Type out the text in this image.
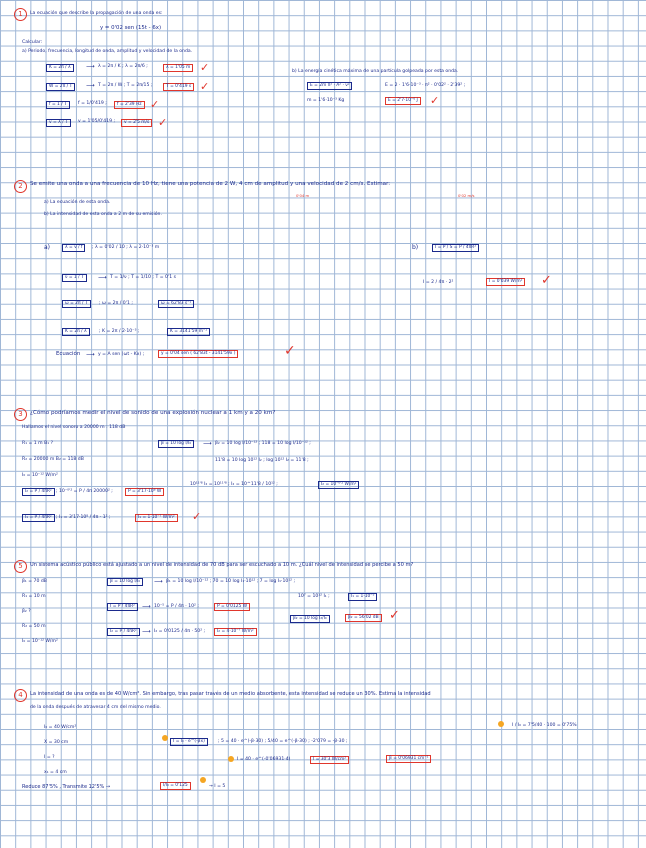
1	La ecuación que describe la propagación de una onda es:
y = 0'02 sen (15t - 6x)
Calcular:
a) Periodo, frecuencia, longitud de onda, amplitud y velocidad de la onda.
b) La energía cinética máxima de una partícula golpeada por esta onda.
K = 2π / λ	⟶ λ = 2π / K ; λ = 2π/6 ;	λ = 1'05 m ✓
W = 2π / T	⟶ T = 2π / W ; T = 2π/15 ;	T = 0'419 s ✓
f = 1 / T	f = 1/0'419 ;	f = 2'39 Hz ✓
v = λ / T	v = 1'05/0'419 ;	v = 2'5 m/s ✓
E = 2m π² · A² · ν²	E = 2 · 1'6·10⁻³ · π² · 0'02² · 2'39² ;
m = 1'6·10⁻³ Kg	E = 2'7·10⁻⁶ J ✓
2	Se emite una onda a una frecuencia de 10 Hz, tiene una potencia de 2 W, 4 cm de amplitud y una velocidad de 2 cm/s. Estimar:
0'04 m	0'02 m/s
a) La ecuación de esta onda.
b) La intensidad de esta onda a 2 m de su emisión.
a)	λ = v / f	; λ = 0'02 / 10 ; λ = 2·10⁻³ m
ν = 1 / T	⟶ T = 1/ν ; T = 1/10 ; T = 0'1 s
ω = 2π / T	; ω = 2π / 0'1 ;	ω = 62'83 s⁻¹
K = 2π / λ	; K = 2π / 2·10⁻³ ;	K = 3141'59 m⁻¹
Ecuación ⟶ y = A sen (ωt - Kx) ;	y = 0'04 sen ( 62'83t - 3141'59x )	✓
b)	I = P / S = P / 4πR²
I = 2 / 4π · 2²	I = 0'039 W/m² ✓
3	¿Cómo podríamos medir el nivel de sonido de una explosión nuclear a 1 km y a 20 km?
Hallamos el nivel sonoro a 20000 m : 118 dB
R₁ = 1 m B₁ ?
R₂ = 20000 m B₂ = 118 dB
I₀ = 10⁻¹² W/m²
β = 10 log I/I₀	⟶ β₂ = 10 log I/10⁻¹² ; 118 = 10 log I/10⁻¹² ;
11'8 = 10 log 10¹² I₂ ; log 10¹² I₂ = 11'8 ;
I₂ = P / 4πR² ; 10⁻⁰'² = P / 4π 20000² ;	P = 3'17·10⁸ W
10¹¹'⁸ I₂ = 10¹¹'⁸ ; I₂ = 10^11'8 / 10¹² ;	I₂ = 10⁻⁰'² W/m²
I₁ = P / 4πR² ; I₁ = 3'17·10⁸ / 4π · 1² ;	I₁ = 1·10⁻⁷ W/m² ✓
5	Un sistema acústico público está ajustado a un nivel de intensidad de 70 dB para ser escuchado a 10 m. ¿Cuál nivel de intensidad se percibe a 50 m?
β₁ = 70 dB
R₁ = 10 m
β₂ ?
R₂ = 50 m
I₀ = 10⁻¹² W/m²
β = 10 log I/I₀	⟶ β₁ = 10 log I/10⁻¹² ; 70 = 10 log I₁·10¹² ; 7 = log I₁·10¹² ;
10⁷ = 10¹² I₁ ;	I₁ = 1·10⁻⁵
I = P / 4πR²	⟶ 10⁻⁵ = P / 4π · 10² ;	P = 0'0125 W
I₂ = P / 4πR² ⟶ I₂ = 0'0125 / 4π · 50² ;	I₂ = 4·10⁻⁷ W/m²
β₂ = 10 log I₂/I₀	β₂ = 56'02 dB ✓
4	La intensidad de una onda es de 40 W/cm². Sin embargo, tras pasar través de un medio absorbente, esta intensidad se reduce un 30%. Estima la intensidad
de la onda después de atravesar 4 cm del mismo medio.
I₀ = 40 W/cm²
X = 30 cm
I = ?
x₁ = 4 cm
I = I₀ · e^(-βx)	; 5 = 40 · e^(-β·30) ; 5/40 = e^(-β·30) ; -2'079 = -β·30 ;
β = 0'06931 cm⁻¹
I = 40 · e^(-0'06931·4)	I = 30'3 W/cm²
I / I₀ = 7'5/40 · 100 = 0'75%
Reduce 87'5% , Transmite 12'5% →	I/I₀ = 0'125	→ I = 5
